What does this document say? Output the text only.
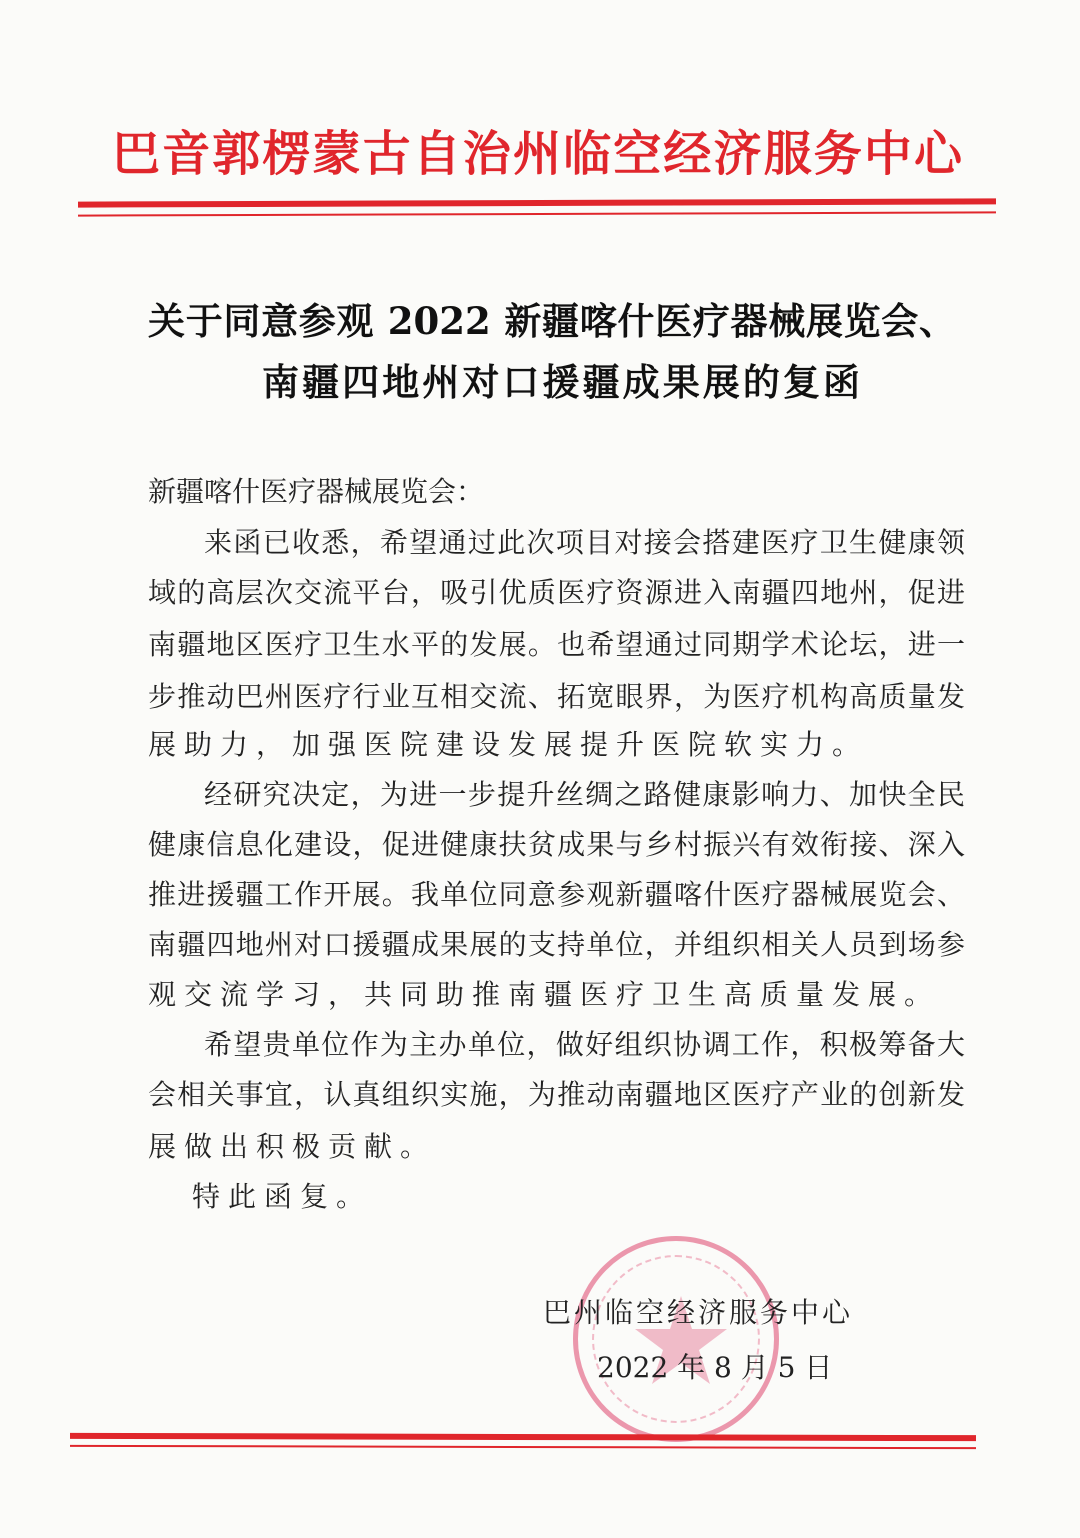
巴音郭楞蒙古自治州临空经济服务中心
关于同意参观 2022 新疆喀什医疗器械展览会、
南疆四地州对口援疆成果展的复函
新疆喀什医疗器械展览会：
来函已收悉，希望通过此次项目对接会搭建医疗卫生健康领
域的高层次交流平台，吸引优质医疗资源进入南疆四地州，促进
南疆地区医疗卫生水平的发展。也希望通过同期学术论坛，进一
步推动巴州医疗行业互相交流、拓宽眼界，为医疗机构高质量发
展助力，加强医院建设发展提升医院软实力。
经研究决定，为进一步提升丝绸之路健康影响力、加快全民
健康信息化建设，促进健康扶贫成果与乡村振兴有效衔接、深入
推进援疆工作开展。我单位同意参观新疆喀什医疗器械展览会、
南疆四地州对口援疆成果展的支持单位，并组织相关人员到场参
观交流学习，共同助推南疆医疗卫生高质量发展。
希望贵单位作为主办单位，做好组织协调工作，积极筹备大
会相关事宜，认真组织实施，为推动南疆地区医疗产业的创新发
展做出积极贡献。
特此函复。
巴州临空经济服务中心
2022 年 8 月 5 日
